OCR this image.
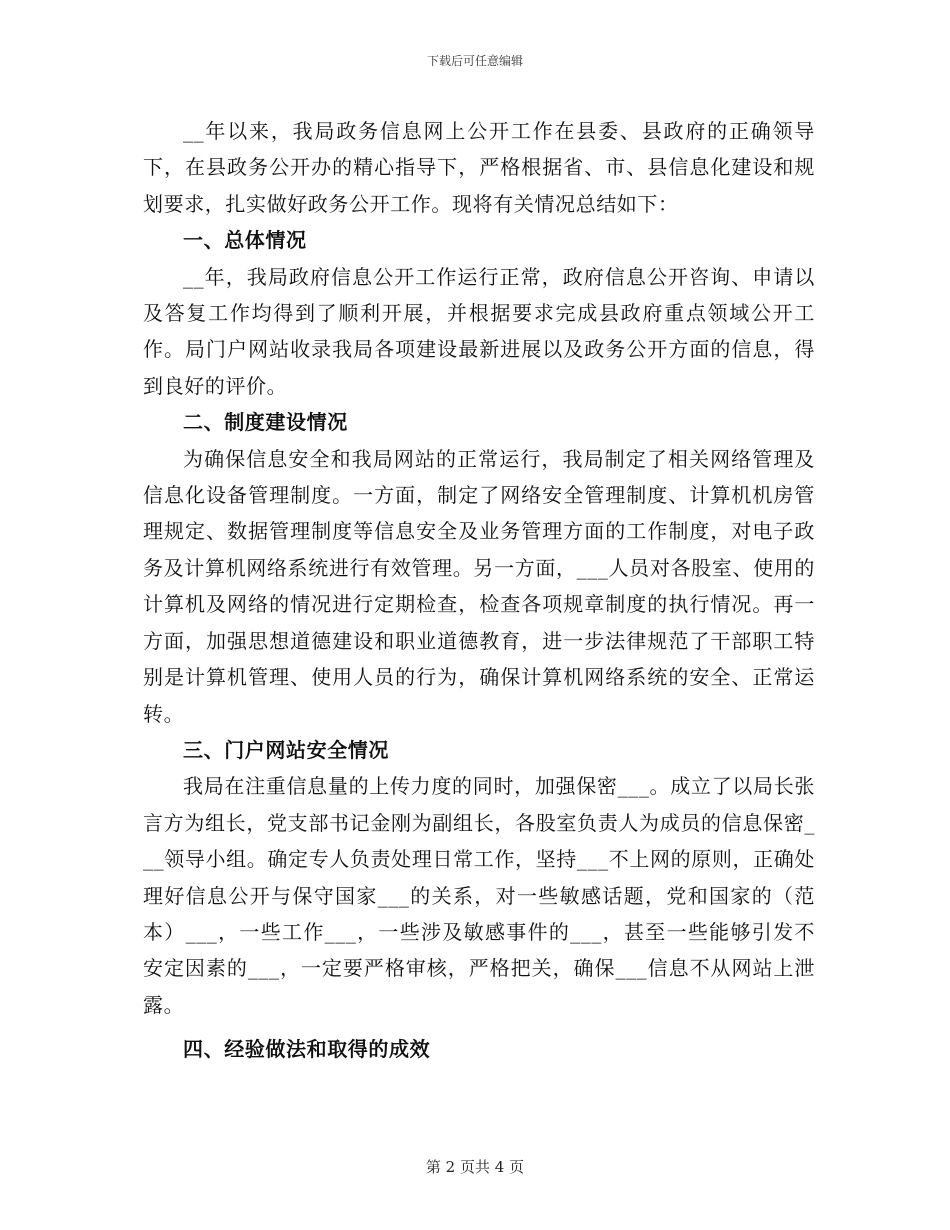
下载后可任意编辑

__年以来，我局政务信息网上公开工作在县委、县政府的正确领导下，在县政务公开办的精心指导下，严格根据省、市、县信息化建设和规划要求，扎实做好政务公开工作。现将有关情况总结如下：

一、总体情况

__年，我局政府信息公开工作运行正常，政府信息公开咨询、申请以及答复工作均得到了顺利开展，并根据要求完成县政府重点领域公开工作。局门户网站收录我局各项建设最新进展以及政务公开方面的信息，得到良好的评价。

二、制度建设情况

为确保信息安全和我局网站的正常运行，我局制定了相关网络管理及信息化设备管理制度。一方面，制定了网络安全管理制度、计算机机房管理规定、数据管理制度等信息安全及业务管理方面的工作制度，对电子政务及计算机网络系统进行有效管理。另一方面，___人员对各股室、使用的计算机及网络的情况进行定期检查，检查各项规章制度的执行情况。再一方面，加强思想道德建设和职业道德教育，进一步法律规范了干部职工特别是计算机管理、使用人员的行为，确保计算机网络系统的安全、正常运转。

三、门户网站安全情况

我局在注重信息量的上传力度的同时，加强保密___。成立了以局长张言方为组长，党支部书记金刚为副组长，各股室负责人为成员的信息保密___领导小组。确定专人负责处理日常工作，坚持___不上网的原则，正确处理好信息公开与保守国家___的关系，对一些敏感话题，党和国家的（范本）___，一些工作___，一些涉及敏感事件的___，甚至一些能够引发不安定因素的___，一定要严格审核，严格把关，确保___信息不从网站上泄露。

四、经验做法和取得的成效

第 2 页共 4 页
